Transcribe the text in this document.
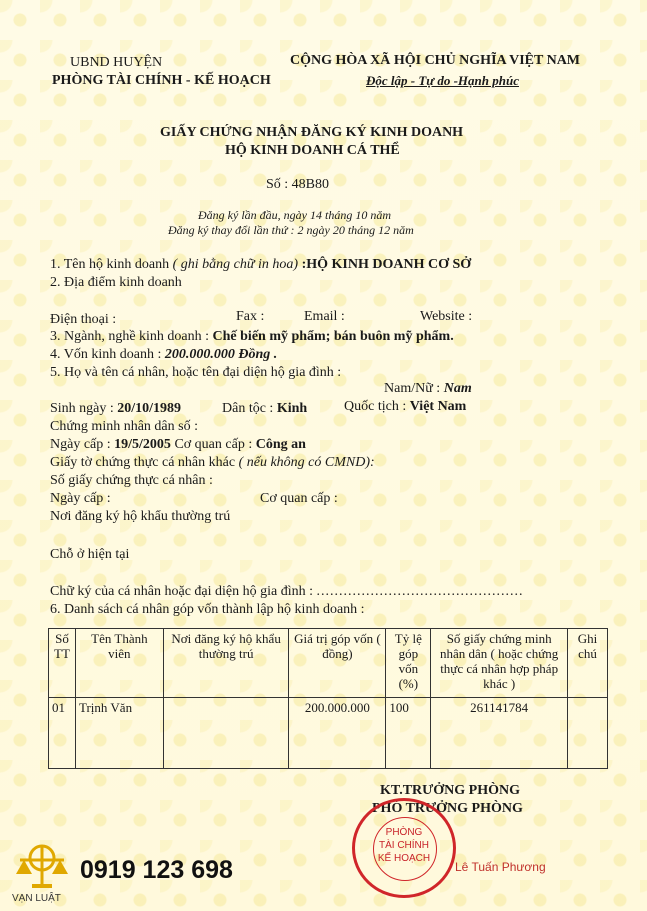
UBND HUYỆN
PHÒNG TÀI CHÍNH - KẾ HOẠCH
CỘNG HÒA XÃ HỘI CHỦ NGHĨA VIỆT NAM
Độc lập - Tự do -Hạnh phúc
GIẤY CHỨNG NHẬN ĐĂNG KÝ KINH DOANH
HỘ KINH DOANH CÁ THỂ
Số : 48B80
Đăng ký lần đầu, ngày 14 tháng 10 năm
Đăng ký thay đổi lần thứ : 2 ngày 20 tháng 12 năm
1. Tên hộ kinh doanh ( ghi bằng chữ in hoa) :HỘ KINH DOANH CƠ SỞ
2. Địa điểm kinh doanh
Điện thoại :	Fax :	Email :	Website :
3. Ngành, nghề kinh doanh : Chế biến mỹ phẩm; bán buôn mỹ phẩm.
4. Vốn kinh doanh : 200.000.000 Đồng .
5. Họ và tên cá nhân, hoặc tên đại diện hộ gia đình :
Nam/Nữ : Nam
Sinh ngày : 20/10/1989	Dân tộc : Kinh	Quốc tịch : Việt Nam
Chứng minh nhân dân số :
Ngày cấp : 19/5/2005 Cơ quan cấp : Công an
Giấy tờ chứng thực cá nhân khác ( nếu không có CMND):
Số giấy chứng thực cá nhân :
Ngày cấp :	Cơ quan cấp :
Nơi đăng ký hộ khẩu thường trú
Chỗ ở hiện tại
Chữ ký của cá nhân hoặc đại diện hộ gia đình : ..............................................
6. Danh sách cá nhân góp vốn thành lập hộ kinh doanh :
Số TT	Tên Thành viên	Nơi đăng ký hộ khẩu thường trú	Giá trị góp vốn ( đồng)	Tỷ lệ góp vốn (%)	Số giấy chứng minh nhân dân ( hoặc chứng thực cá nhân hợp pháp khác )	Ghi chú
01	Trịnh Văn		200.000.000	100	261141784	
KT.TRƯỞNG PHÒNG
PHÓ TRƯỞNG PHÒNG
PHÒNG
TÀI CHÍNH
KẾ HOẠCH
Lê Tuấn Phương
0919 123 698
VẠN LUẬT
